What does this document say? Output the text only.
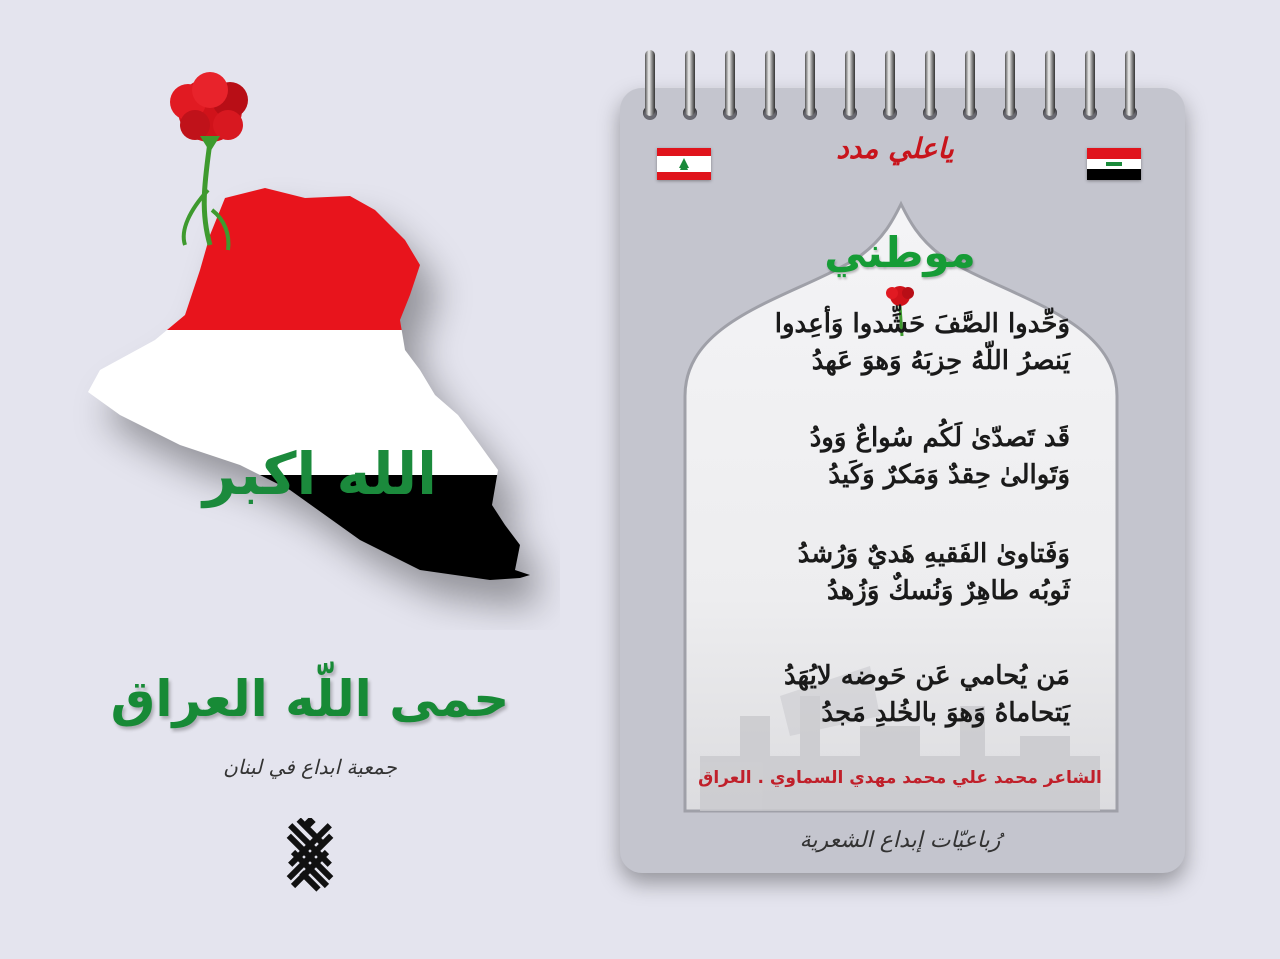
الله اكبر
حمى اللّه العراق
جمعية ابداع في لبنان
ياعلي مدد
موطني
وَحِّدوا الصَّفَ حَشِّدوا وَأعِدوا
يَنصرُ اللّهُ حِزبَهُ وَهوَ عَهدُ
قَد تَصدّىٰ لَكُم سُواعٌ وَودُ
وَتَوالىٰ حِقدٌ وَمَكرٌ وَكَيدُ
وَفَتاوىٰ الفَقيهِ هَديٌ وَرُشدُ
ثَوبُه طاهِرٌ وَنُسكٌ وَزُهدُ
مَن يُحامي عَن حَوضه لايُهَدُ
يَتحاماهُ وَهوَ بالخُلدِ مَجدُ
الشاعر محمد علي محمد مهدي السماوي . العراق
رُباعيّات إبداع الشعرية
